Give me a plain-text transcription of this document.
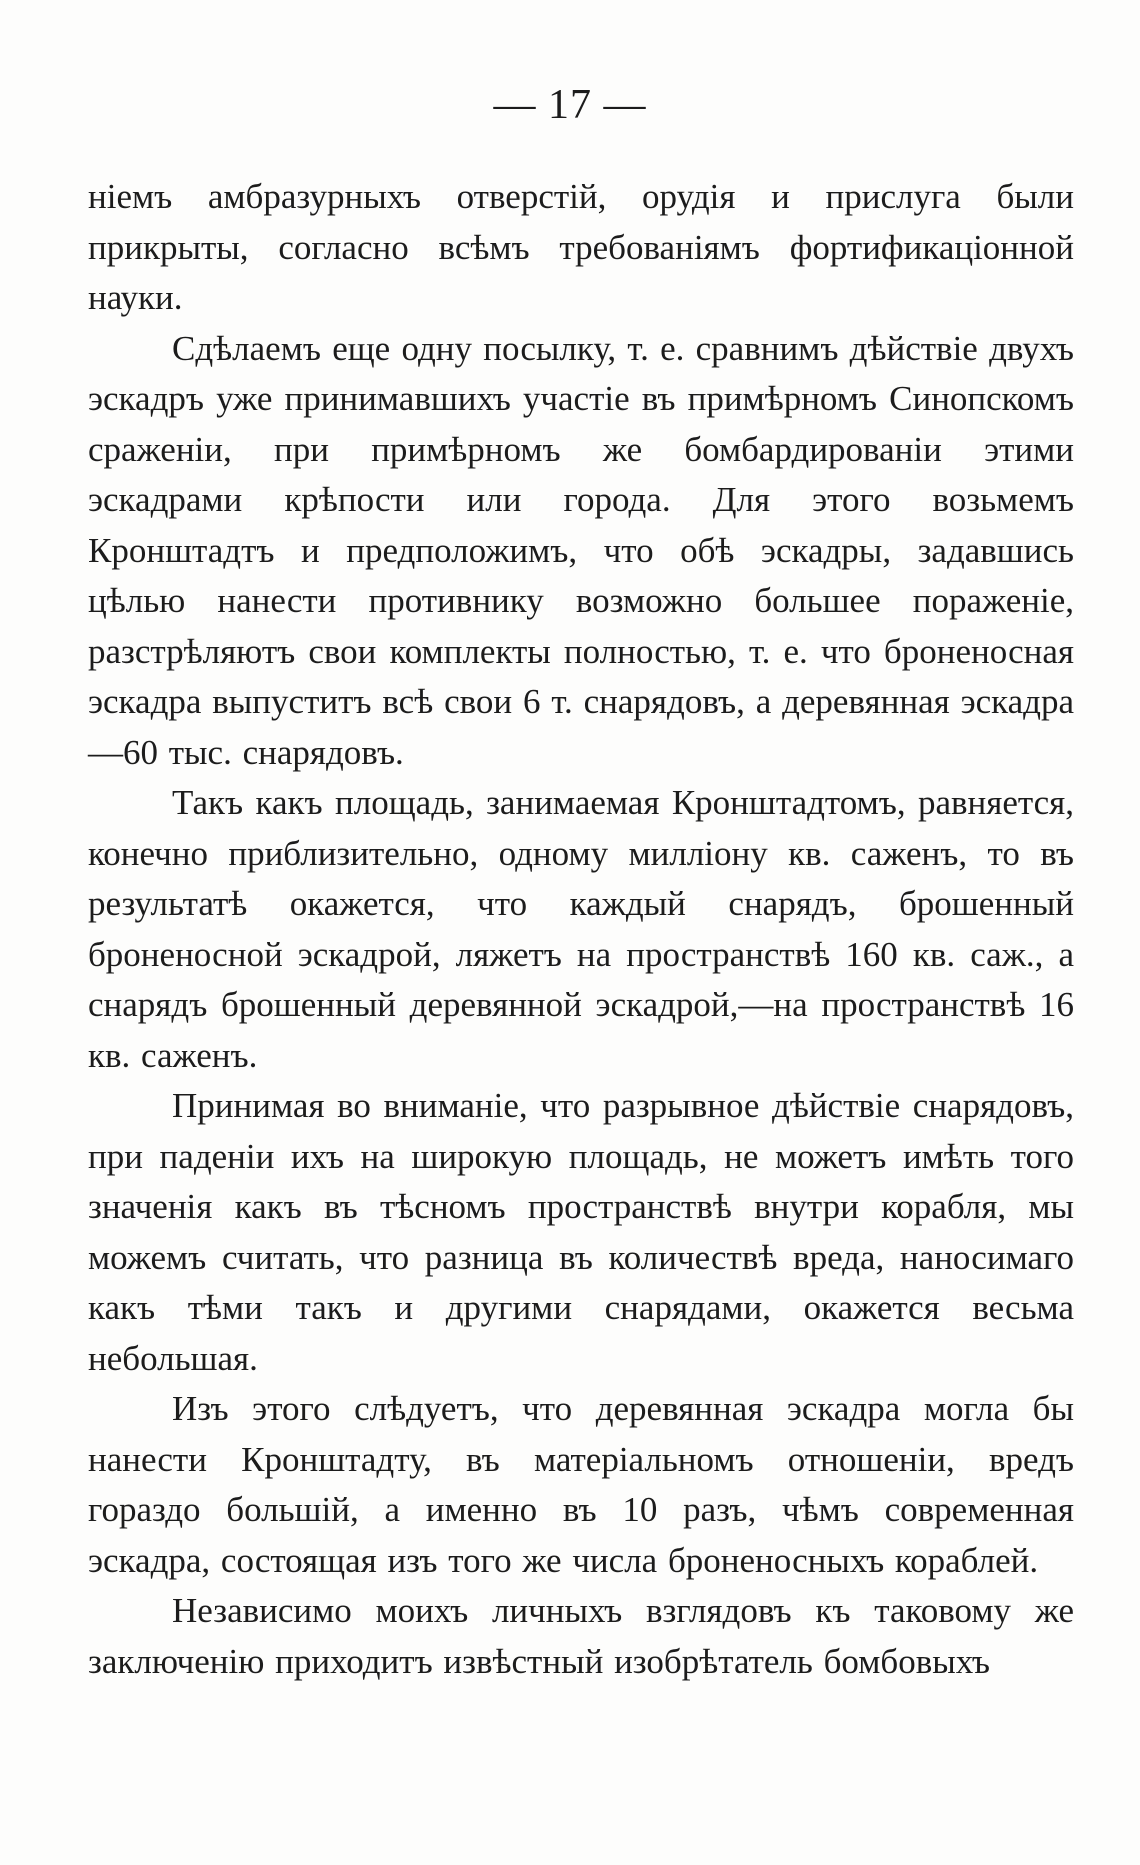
— 17 —

ніемъ амбразурныхъ отверстій, орудія и прислуга были прикрыты, согласно всѣмъ требованіямъ фортификаціонной науки.

Сдѣлаемъ еще одну посылку, т. е. сравнимъ дѣйствіе двухъ эскадръ уже принимавшихъ участіе въ примѣрномъ Синопскомъ сраженіи, при примѣрномъ же бомбардированіи этими эскадрами крѣпости или города. Для этого возьмемъ Кронштадтъ и предположимъ, что обѣ эскадры, задавшись цѣлью нанести противнику возможно большее пораженіе, разстрѣляютъ свои комплекты полностью, т. е. что броненосная эскадра выпуститъ всѣ свои 6 т. снарядовъ, а деревянная эскадра—60 тыс. снарядовъ.

Такъ какъ площадь, занимаемая Кронштадтомъ, равняется, конечно приблизительно, одному милліону кв. саженъ, то въ результатѣ окажется, что каждый снарядъ, брошенный броненосной эскадрой, ляжетъ на пространствѣ 160 кв. саж., а снарядъ брошенный деревянной эскадрой,—на пространствѣ 16 кв. саженъ.

Принимая во вниманіе, что разрывное дѣйствіе снарядовъ, при паденіи ихъ на широкую площадь, не можетъ имѣть того значенія какъ въ тѣсномъ пространствѣ внутри корабля, мы можемъ считать, что разница въ количествѣ вреда, наносимаго какъ тѣми такъ и другими снарядами, окажется весьма небольшая.

Изъ этого слѣдуетъ, что деревянная эскадра могла бы нанести Кронштадту, въ матеріальномъ отношеніи, вредъ гораздо большій, а именно въ 10 разъ, чѣмъ современная эскадра, состоящая изъ того же числа броненосныхъ кораблей.

Независимо моихъ личныхъ взглядовъ къ таковому же заключенію приходитъ извѣстный изобрѣтатель бомбовыхъ
